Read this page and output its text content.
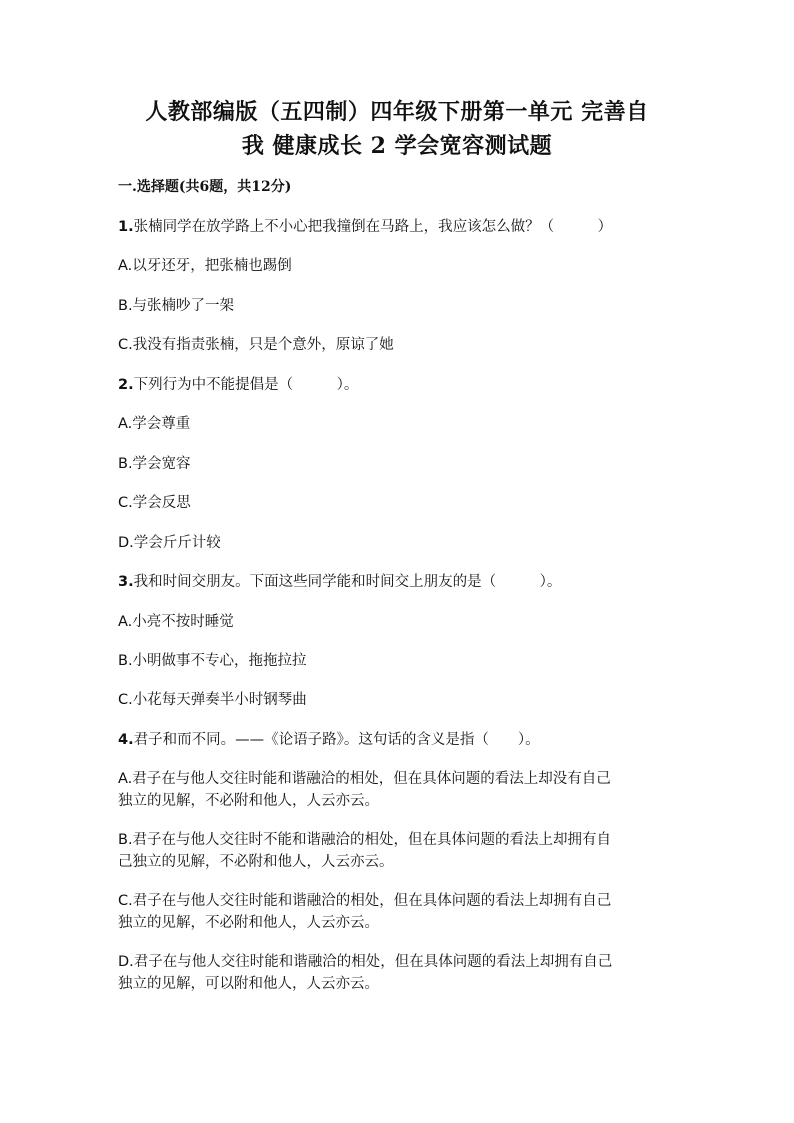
人教部编版（五四制）四年级下册第一单元 完善自
我 健康成长 2 学会宽容测试题
一.选择题(共6题，共12分)
1.张楠同学在放学路上不小心把我撞倒在马路上，我应该怎么做？（　　　）
A.以牙还牙，把张楠也踢倒
B.与张楠吵了一架
C.我没有指责张楠，只是个意外，原谅了她
2.下列行为中不能提倡是（　　　）。
A.学会尊重
B.学会宽容
C.学会反思
D.学会斤斤计较
3.我和时间交朋友。下面这些同学能和时间交上朋友的是（　　　）。
A.小亮不按时睡觉
B.小明做事不专心，拖拖拉拉
C.小花每天弹奏半小时钢琴曲
4.君子和而不同。——《论语子路》。这句话的含义是指（　　）。
A.君子在与他人交往时能和谐融洽的相处，但在具体问题的看法上却没有自己
独立的见解，不必附和他人，人云亦云。
B.君子在与他人交往时不能和谐融洽的相处，但在具体问题的看法上却拥有自
己独立的见解，不必附和他人，人云亦云。
C.君子在与他人交往时能和谐融洽的相处，但在具体问题的看法上却拥有自己
独立的见解，不必附和他人，人云亦云。
D.君子在与他人交往时能和谐融洽的相处，但在具体问题的看法上却拥有自己
独立的见解，可以附和他人，人云亦云。
